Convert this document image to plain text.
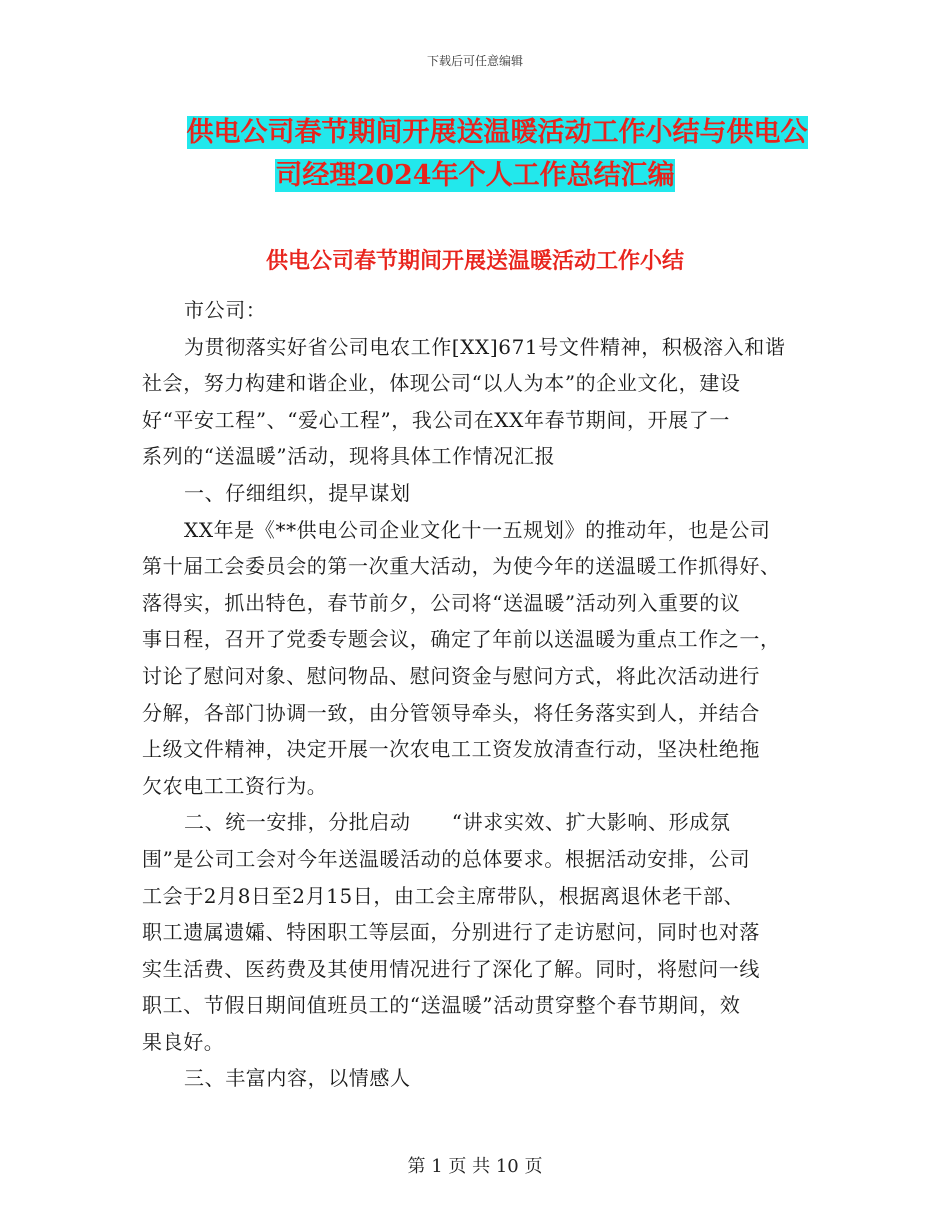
下载后可任意编辑
供电公司春节期间开展送温暖活动工作小结与供电公
司经理2024年个人工作总结汇编
供电公司春节期间开展送温暖活动工作小结
市公司：
为贯彻落实好省公司电农工作[XX]671号文件精神，积极溶入和谐
社会，努力构建和谐企业，体现公司“以人为本”的企业文化，建设
好“平安工程”、“爱心工程”，我公司在XX年春节期间，开展了一
系列的“送温暖”活动，现将具体工作情况汇报
一、仔细组织，提早谋划
XX年是《**供电公司企业文化十一五规划》的推动年，也是公司
第十届工会委员会的第一次重大活动，为使今年的送温暖工作抓得好、
落得实，抓出特色，春节前夕，公司将“送温暖”活动列入重要的议
事日程，召开了党委专题会议，确定了年前以送温暖为重点工作之一，
讨论了慰问对象、慰问物品、慰问资金与慰问方式，将此次活动进行
分解，各部门协调一致，由分管领导牵头，将任务落实到人，并结合
上级文件精神，决定开展一次农电工工资发放清查行动，坚决杜绝拖
欠农电工工资行为。
二、统一安排，分批启动　　“讲求实效、扩大影响、形成氛
围”是公司工会对今年送温暖活动的总体要求。根据活动安排，公司
工会于2月8日至2月15日，由工会主席带队，根据离退休老干部、
职工遗属遗孀、特困职工等层面，分别进行了走访慰问，同时也对落
实生活费、医药费及其使用情况进行了深化了解。同时，将慰问一线
职工、节假日期间值班员工的“送温暖”活动贯穿整个春节期间，效
果良好。
三、丰富内容，以情感人
第 1 页 共 10 页
